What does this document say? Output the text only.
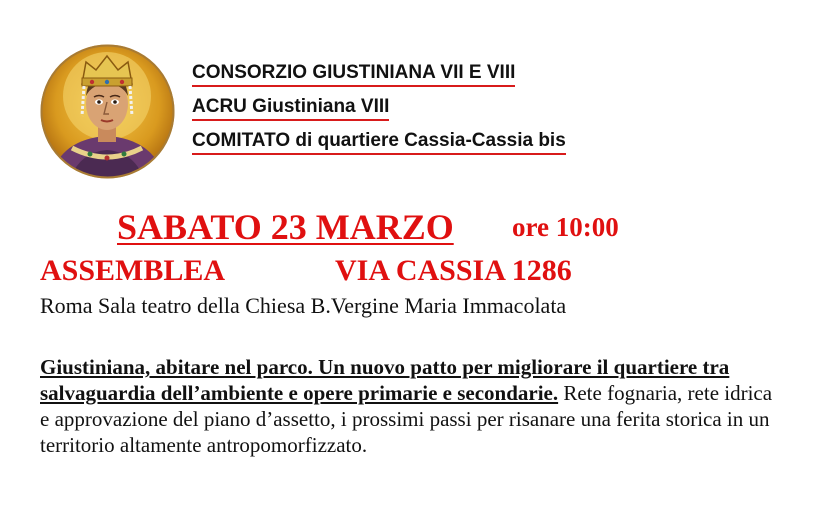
CONSORZIO GIUSTINIANA VII E VIII
ACRU Giustiniana VIII
COMITATO di quartiere Cassia-Cassia bis
SABATO 23 MARZO ore 10:00
ASSEMBLEA	VIA CASSIA 1286
Roma Sala teatro della Chiesa B.Vergine Maria Immacolata
Giustiniana, abitare nel parco. Un nuovo patto per migliorare il quartiere tra salvaguardia dell’ambiente e opere primarie e secondarie. Rete fognaria, rete idrica e approvazione del piano d’assetto, i prossimi passi per risanare una ferita storica in un territorio altamente antropomorfizzato.
